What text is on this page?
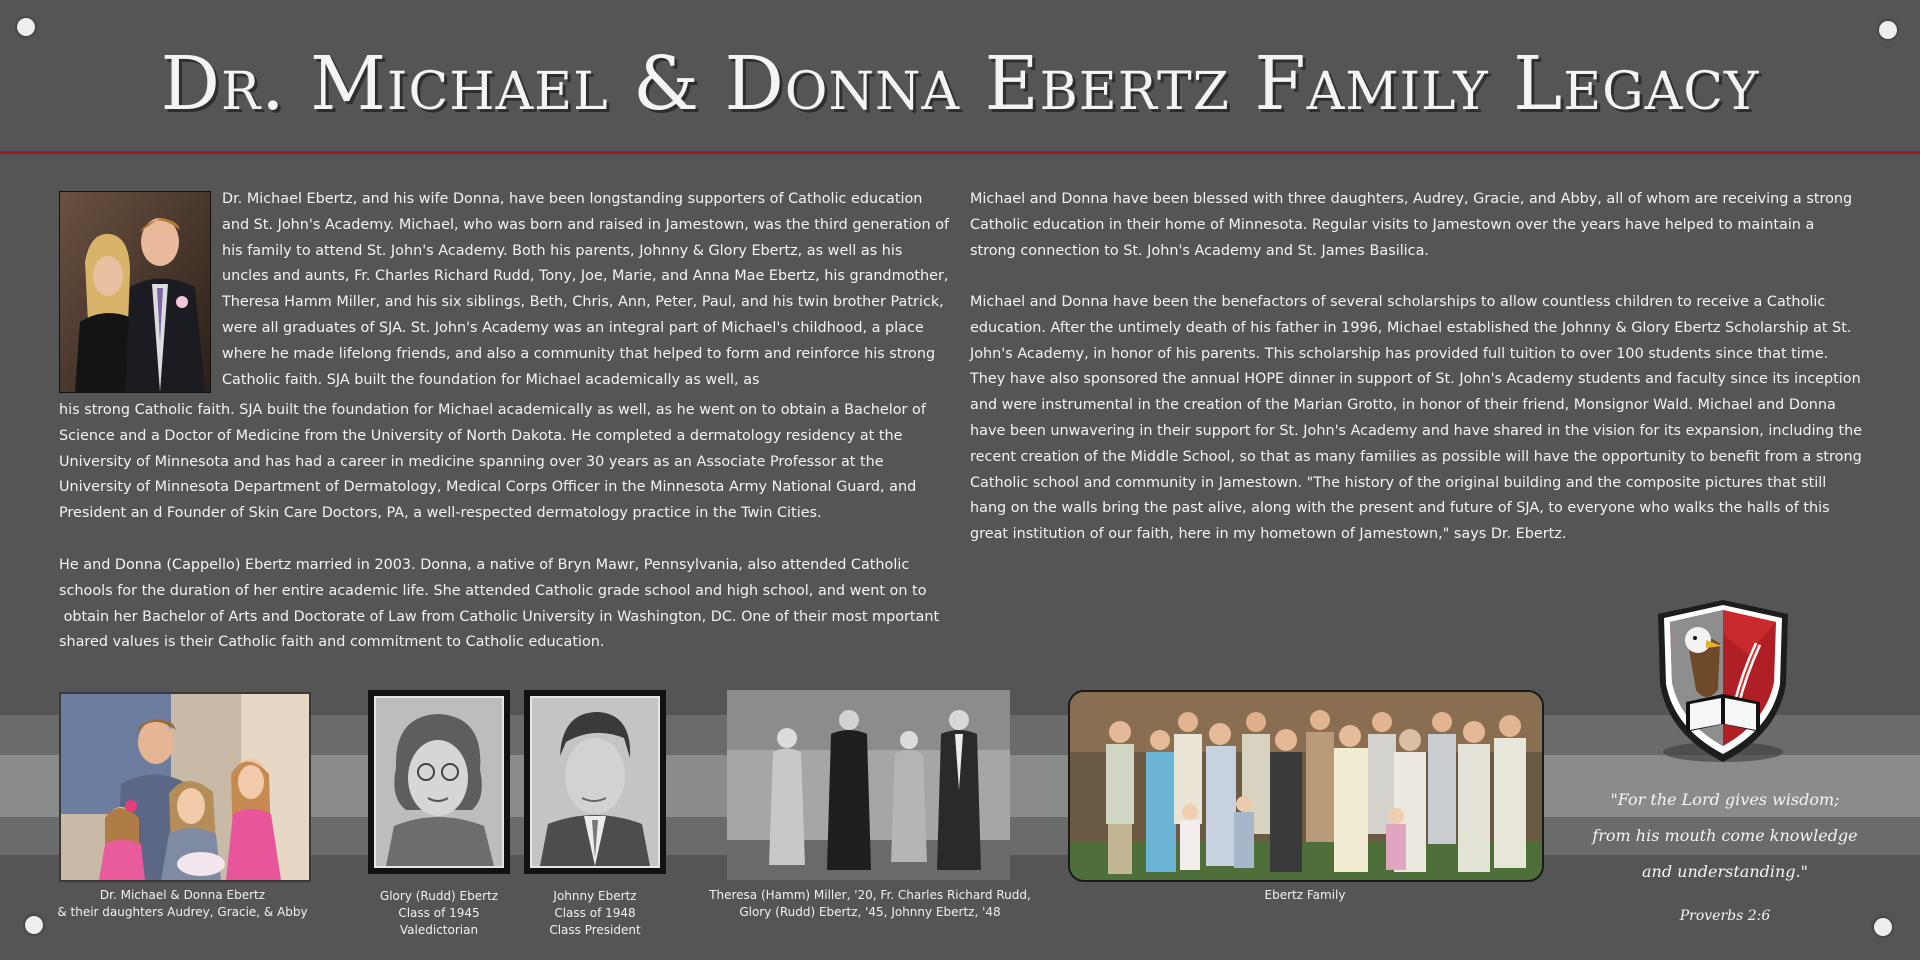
Dr. Michael & Donna Ebertz Family Legacy
Dr. Michael Ebertz, and his wife Donna, have been longstanding supporters of Catholic education and St. John's Academy. Michael, who was born and raised in Jamestown, was the third generation of his family to attend St. John's Academy. Both his parents, Johnny & Glory Ebertz, as well as his uncles and aunts, Fr. Charles Richard Rudd, Tony, Joe, Marie, and Anna Mae Ebertz, his grandmother, Theresa Hamm Miller, and his six siblings, Beth, Chris, Ann, Peter, Paul, and his twin brother Patrick, were all graduates of SJA. St. John's Academy was an integral part of Michael's childhood, a place where he made lifelong friends, and also a community that helped to form and reinforce his strong Catholic faith. SJA built the foundation for Michael academically as well, as
his strong Catholic faith. SJA built the foundation for Michael academically as well, as he went on to obtain a Bachelor of Science and a Doctor of Medicine from the University of North Dakota. He completed a dermatology residency at the University of Minnesota and has had a career in medicine spanning over 30 years as an Associate Professor at the University of Minnesota Department of Dermatology, Medical Corps Officer in the Minnesota Army National Guard, and President an d Founder of Skin Care Doctors, PA, a well-respected dermatology practice in the Twin Cities.
He and Donna (Cappello) Ebertz married in 2003. Donna, a native of Bryn Mawr, Pennsylvania, also attended Catholic schools for the duration of her entire academic life. She attended Catholic grade school and high school, and went on to
obtain her Bachelor of Arts and Doctorate of Law from Catholic University in Washington, DC. One of their most mportant shared values is their Catholic faith and commitment to Catholic education.
Michael and Donna have been blessed with three daughters, Audrey, Gracie, and Abby, all of whom are receiving a strong Catholic education in their home of Minnesota. Regular visits to Jamestown over the years have helped to maintain a strong connection to St. John's Academy and St. James Basilica.
Michael and Donna have been the benefactors of several scholarships to allow countless children to receive a Catholic education. After the untimely death of his father in 1996, Michael established the Johnny & Glory Ebertz Scholarship at St. John's Academy, in honor of his parents. This scholarship has provided full tuition to over 100 students since that time. They have also sponsored the annual HOPE dinner in support of St. John's Academy students and faculty since its inception and were instrumental in the creation of the Marian Grotto, in honor of their friend, Monsignor Wald. Michael and Donna have been unwavering in their support for St. John's Academy and have shared in the vision for its expansion, including the recent creation of the Middle School, so that as many families as possible will have the opportunity to benefit from a strong Catholic school and community in Jamestown. "The history of the original building and the composite pictures that still hang on the walls bring the past alive, along with the present and future of SJA, to everyone who walks the halls of this great institution of our faith, here in my hometown of Jamestown," says Dr. Ebertz.
Dr. Michael & Donna Ebertz
& their daughters Audrey, Gracie, & Abby
Glory (Rudd) Ebertz
Class of 1945
Valedictorian
Johnny Ebertz
Class of 1948
Class President
Theresa (Hamm) Miller, '20, Fr. Charles Richard Rudd,
Glory (Rudd) Ebertz, '45, Johnny Ebertz, '48
Ebertz Family
"For the Lord gives wisdom;
from his mouth come knowledge
and understanding."
Proverbs 2:6
